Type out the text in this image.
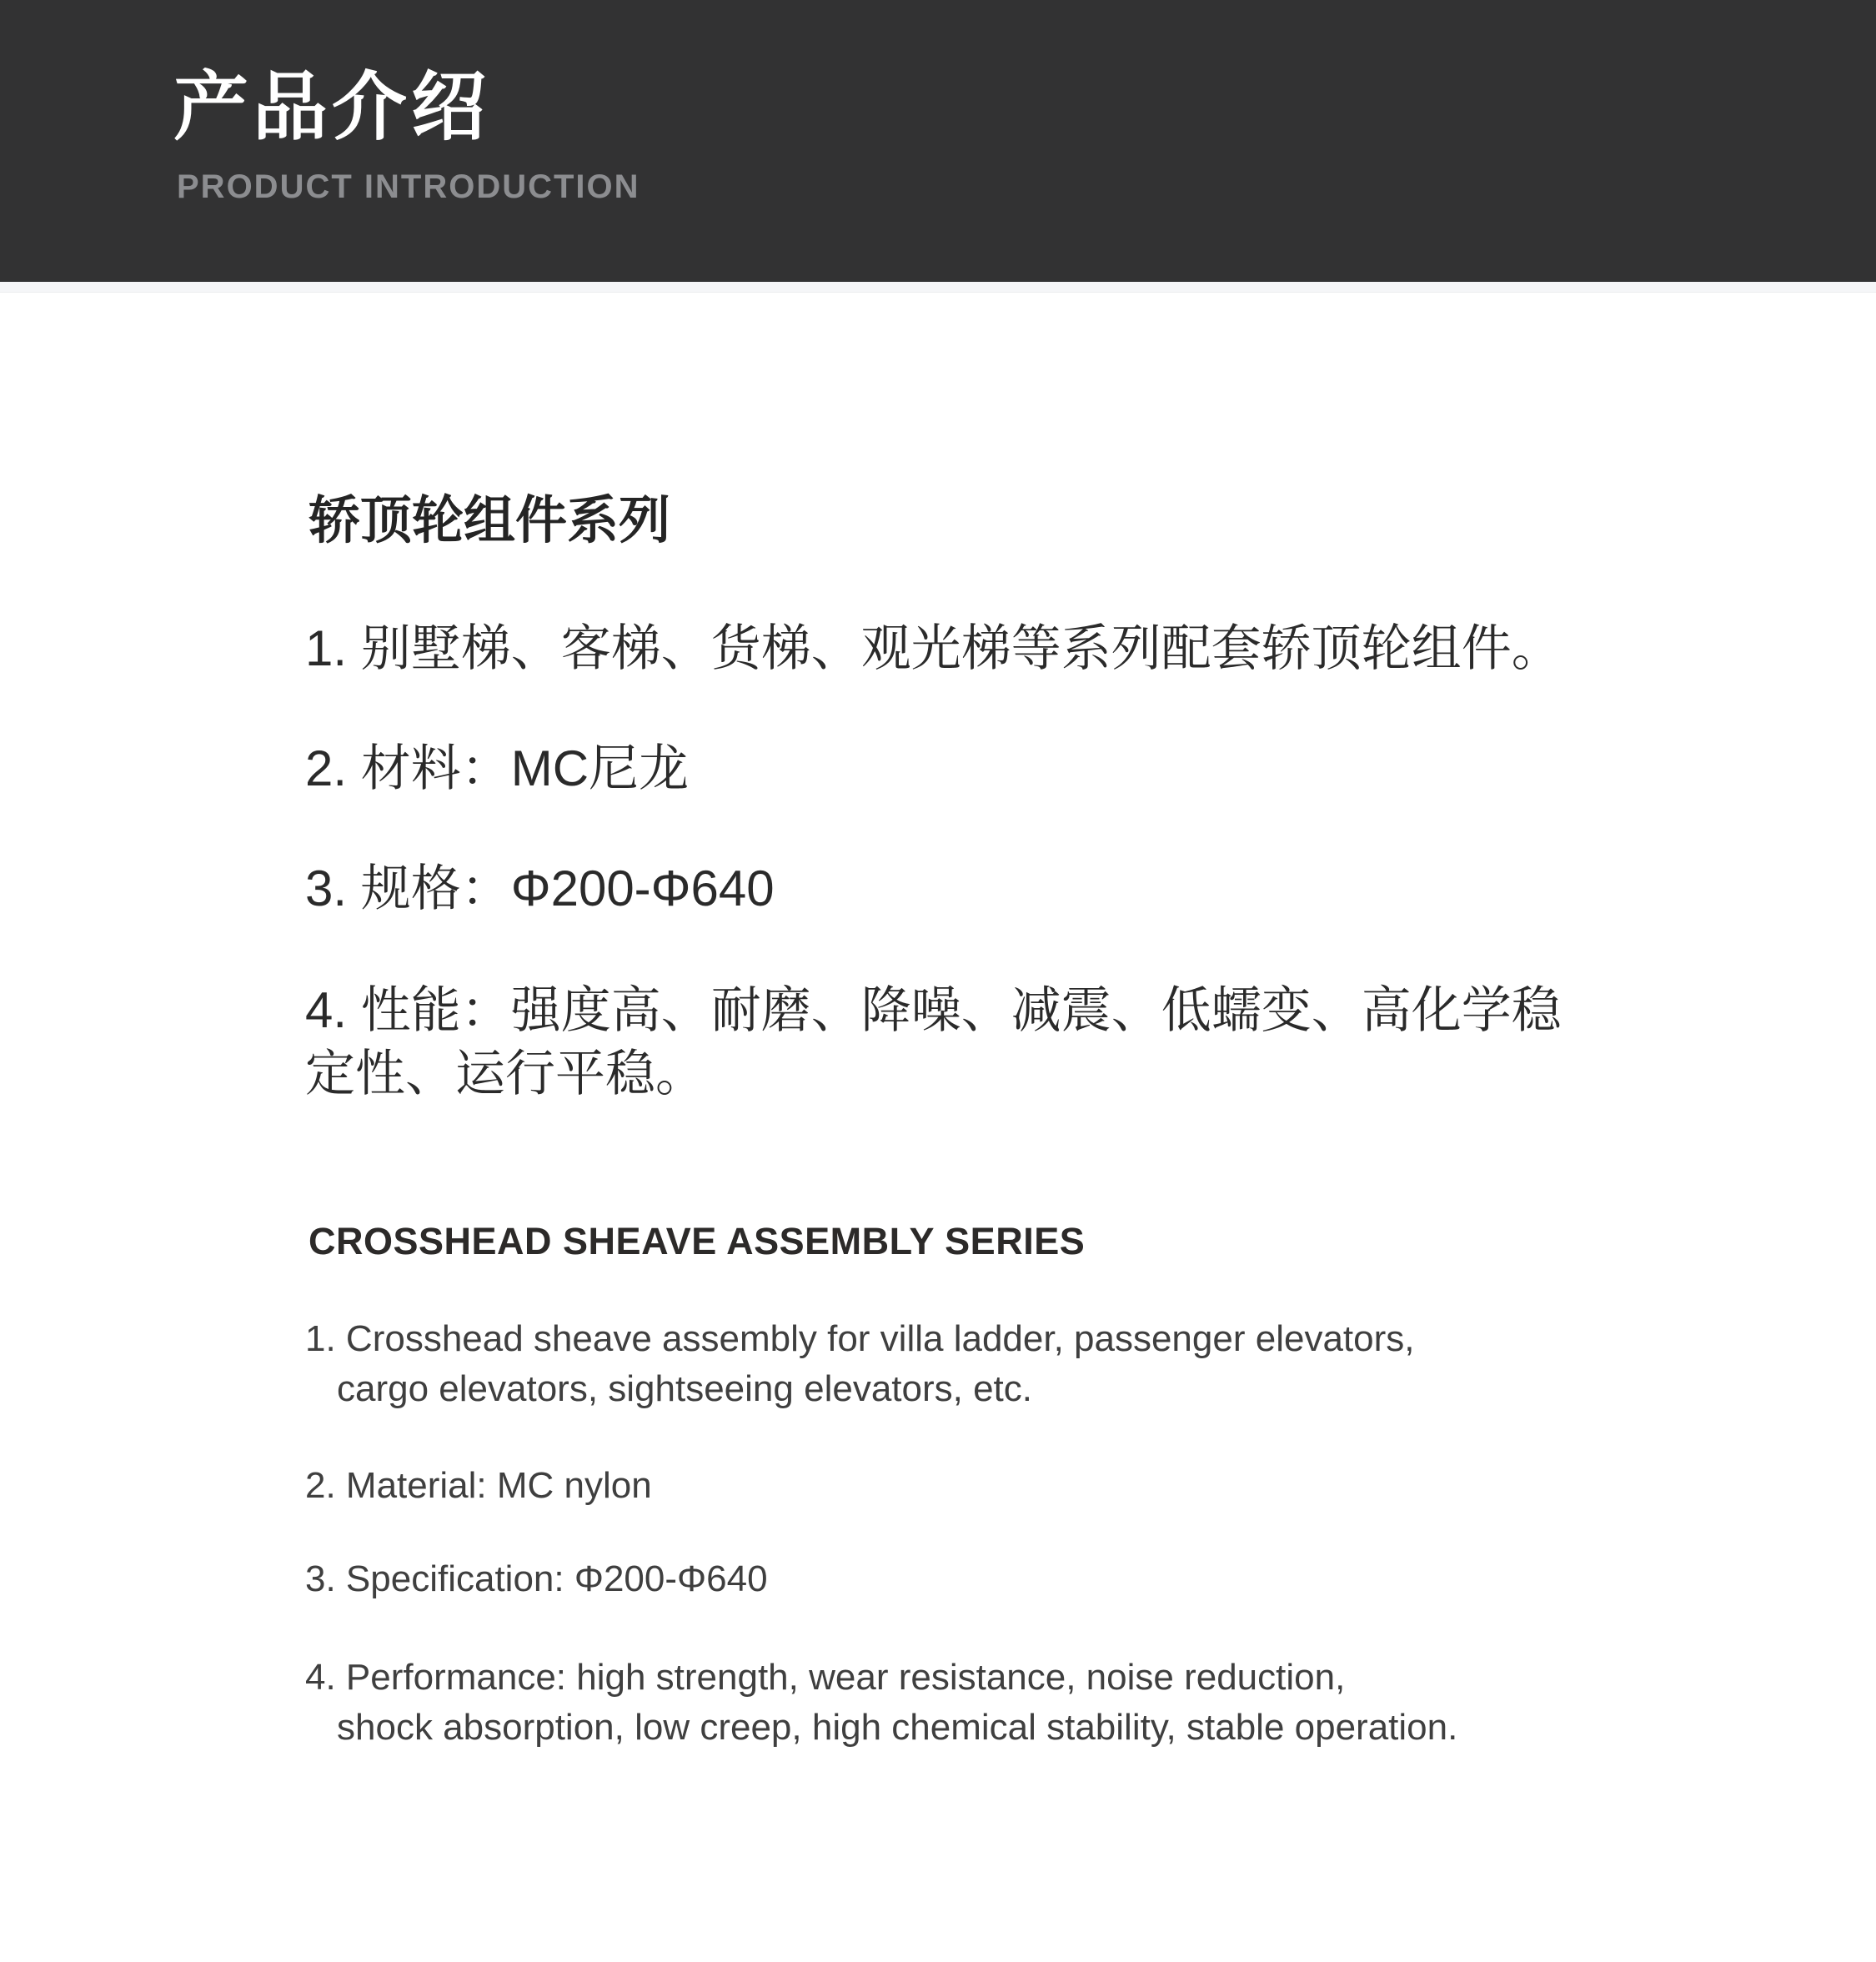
产品介绍
PRODUCT INTRODUCTION
轿顶轮组件系列
1. 别墅梯、客梯、货梯、观光梯等系列配套轿顶轮组件。
2. 材料：MC尼龙
3. 规格：Φ200-Φ640
4. 性能：强度高、耐磨、降噪、减震、低蠕变、高化学稳
定性、运行平稳。
CROSSHEAD SHEAVE ASSEMBLY SERIES
1. Crosshead sheave assembly for villa ladder, passenger elevators,
cargo elevators, sightseeing elevators, etc.
2. Material: MC nylon
3. Specification: Φ200-Φ640
4. Performance: high strength, wear resistance, noise reduction,
shock absorption, low creep, high chemical stability, stable operation.
